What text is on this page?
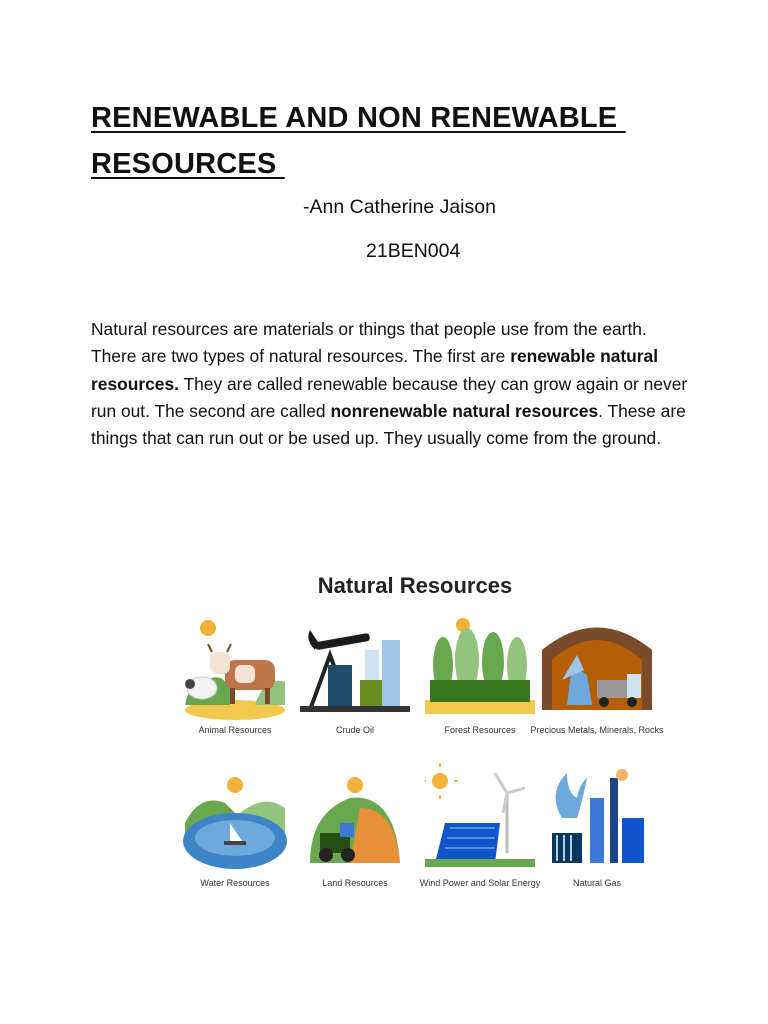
RENEWABLE AND NON RENEWABLE
RESOURCES

-Ann Catherine Jaison

21BEN004

Natural resources are materials or things that people use from the earth. There are two types of natural resources. The first are renewable natural resources. They are called renewable because they can grow again or never run out. The second are called nonrenewable natural resources. These are things that can run out or be used up. They usually come from the ground.

Natural Resources

Animal Resources	Crude Oil	Forest Resources	Precious Metals, Minerals, Rocks
Water Resources	Land Resources	Wind Power and Solar Energy	Natural Gas
